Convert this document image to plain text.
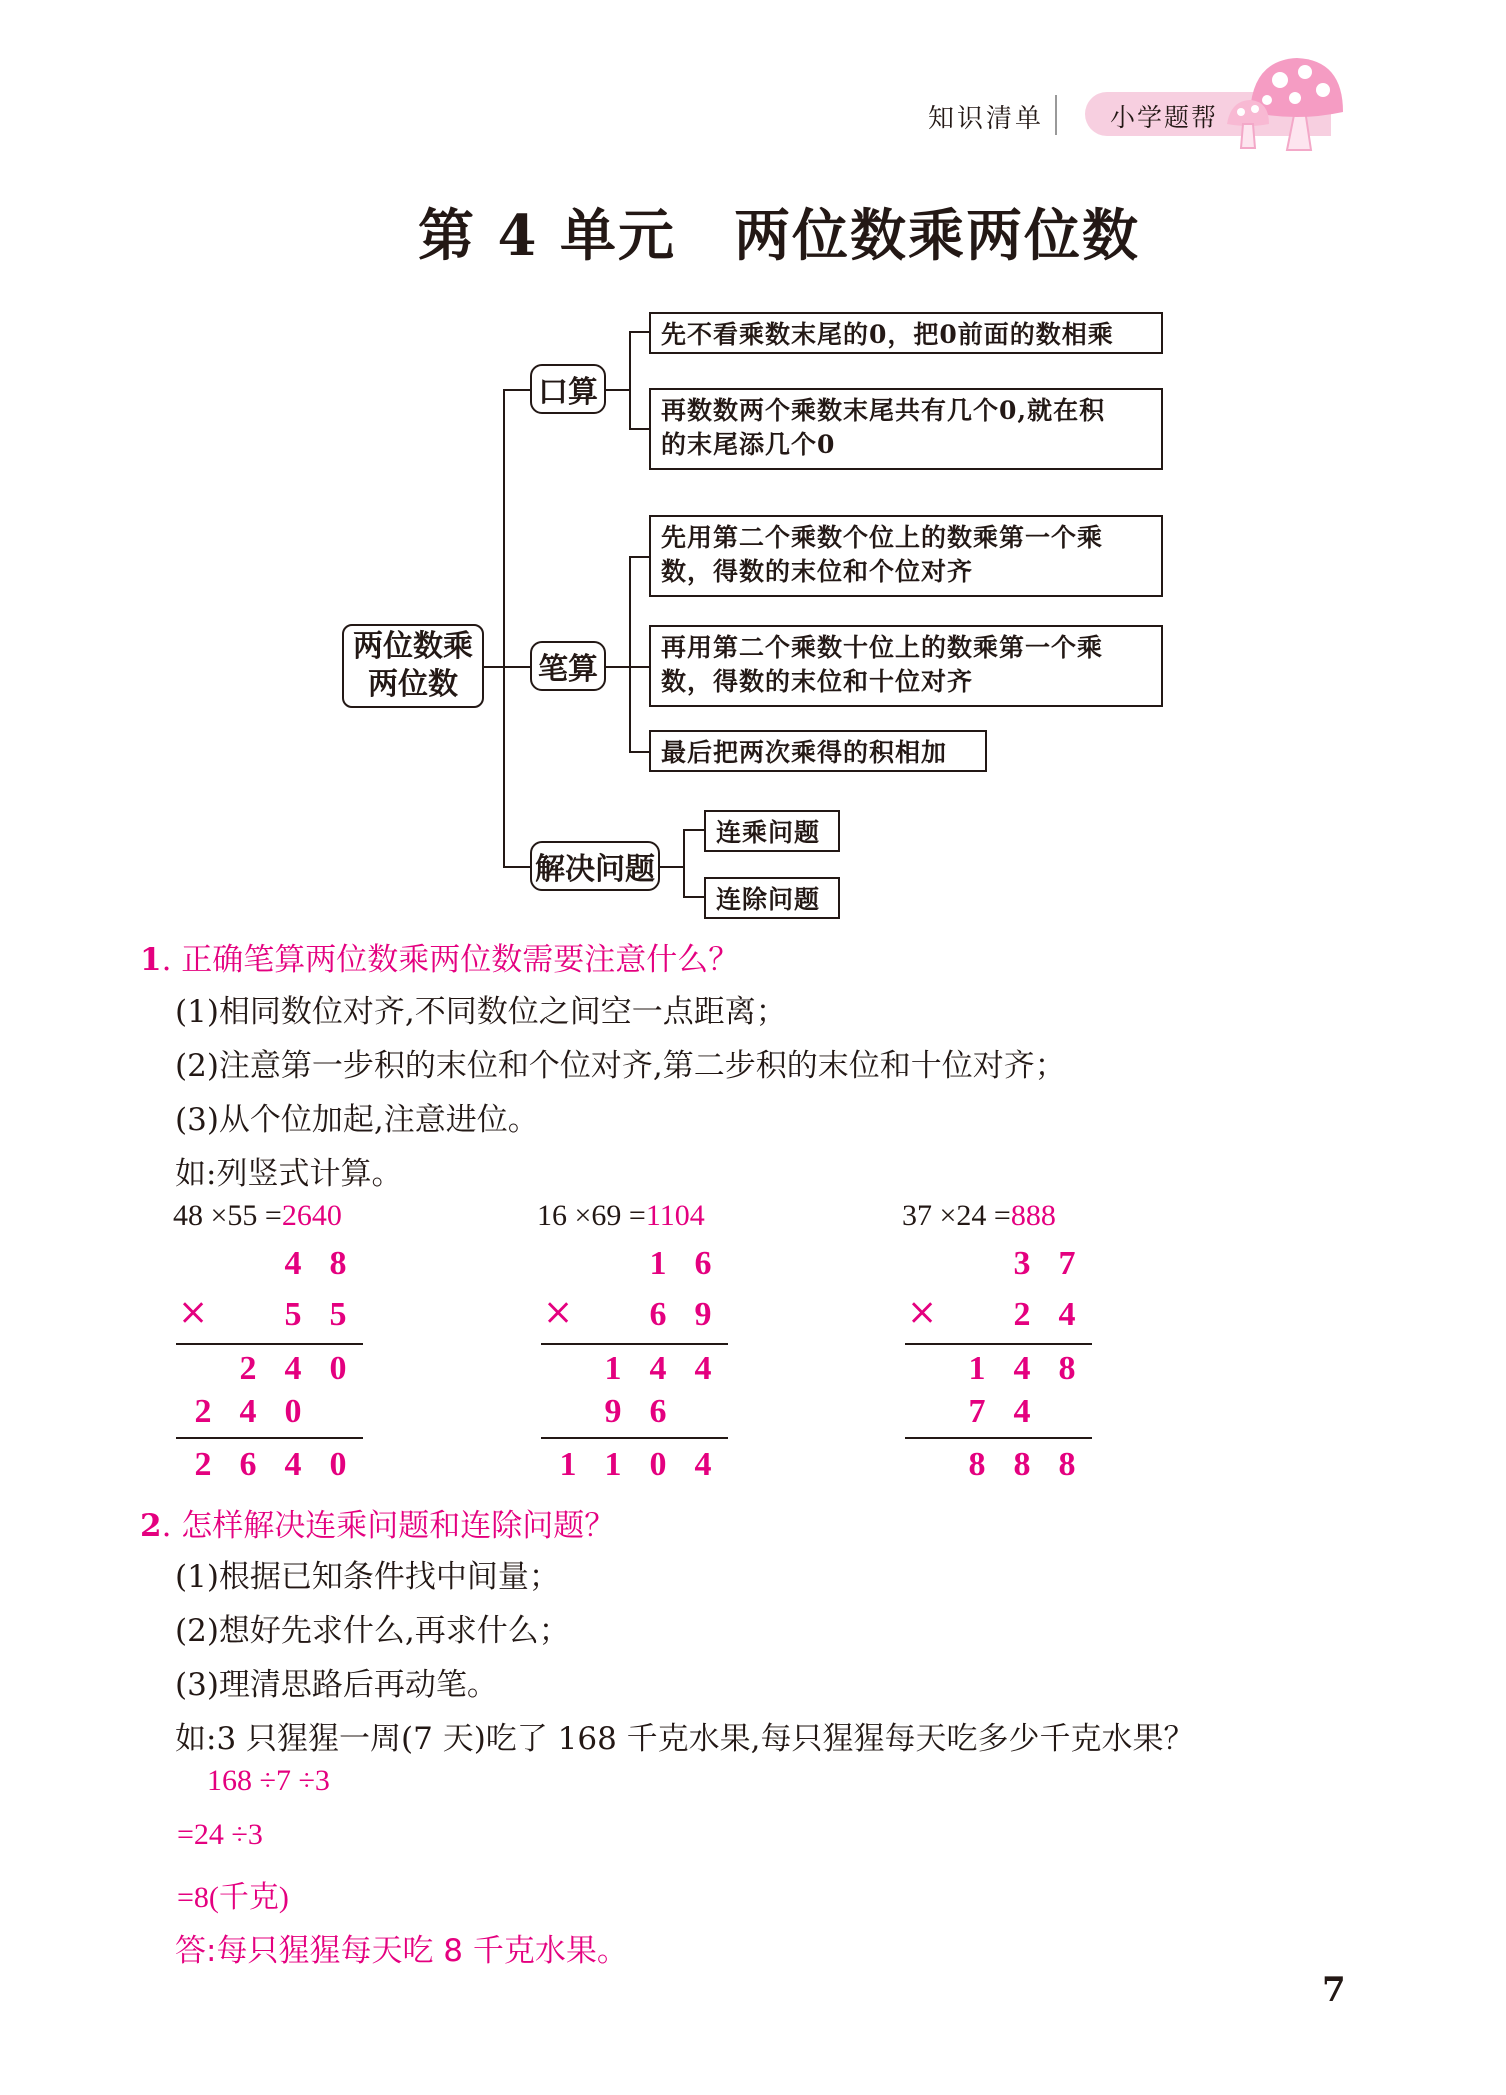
知识清单	小学题帮
第 4 单元　两位数乘两位数
两位数乘
两位数
口算
先不看乘数末尾的0，把0前面的数相乘
再数数两个乘数末尾共有几个0,就在积
的末尾添几个0
笔算
先用第二个乘数个位上的数乘第一个乘
数，得数的末位和个位对齐
再用第二个乘数十位上的数乘第一个乘
数，得数的末位和十位对齐
最后把两次乘得的积相加
解决问题
连乘问题
连除问题
1. 正确笔算两位数乘两位数需要注意什么？
(1)相同数位对齐,不同数位之间空一点距离；
(2)注意第一步积的末位和个位对齐,第二步积的末位和十位对齐；
(3)从个位加起,注意进位。
如:列竖式计算。
48 ×55 =2640
4 8
5 5
2 4 0
2 4 0
2 6 4 0
×
1 6
6 9
1 4 4
9 6
1 1 0 4
×
3 7
2 4
1 4 8
7 4
8 8 8
×
16 ×69 =1104	37 ×24 =888
2. 怎样解决连乘问题和连除问题？
(1)根据已知条件找中间量；
(2)想好先求什么,再求什么；
(3)理清思路后再动笔。
如:3 只猩猩一周(7 天)吃了 168 千克水果,每只猩猩每天吃多少千克水果？
168 ÷7 ÷3
=24 ÷3
=8(千克)
答:每只猩猩每天吃 8 千克水果。
7
